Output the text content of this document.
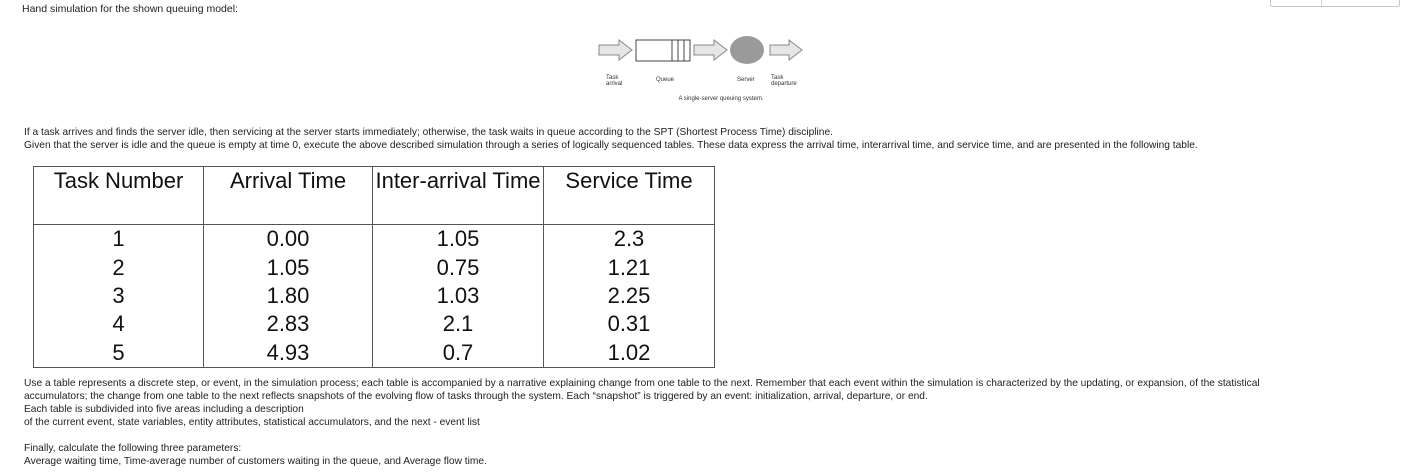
Hand simulation for the shown queuing model:
Task
arrival
Queue	Server	Task
departure
A single-server queuing system.
If a task arrives and finds the server idle, then servicing at the server starts immediately; otherwise, the task waits in queue according to the SPT (Shortest Process Time) discipline.
Given that the server is idle and the queue is empty at time 0, execute the above described simulation through a series of logically sequenced tables. These data express the arrival time, interarrival time, and service time, and are presented in the following table.
Task Number	Arrival Time	Inter-arrival Time	Service Time
1	0.00	1.05	2.3
2	1.05	0.75	1.21
3	1.80	1.03	2.25
4	2.83	2.1	0.31
5	4.93	0.7	1.02
Use a table represents a discrete step, or event, in the simulation process; each table is accompanied by a narrative explaining change from one table to the next. Remember that each event within the simulation is characterized by the updating, or expansion, of the statistical
accumulators; the change from one table to the next reflects snapshots of the evolving flow of tasks through the system. Each “snapshot” is triggered by an event: initialization, arrival, departure, or end.
Each table is subdivided into five areas including a description
of the current event, state variables, entity attributes, statistical accumulators, and the next - event list
Finally, calculate the following three parameters:
Average waiting time, Time-average number of customers waiting in the queue, and Average flow time.
